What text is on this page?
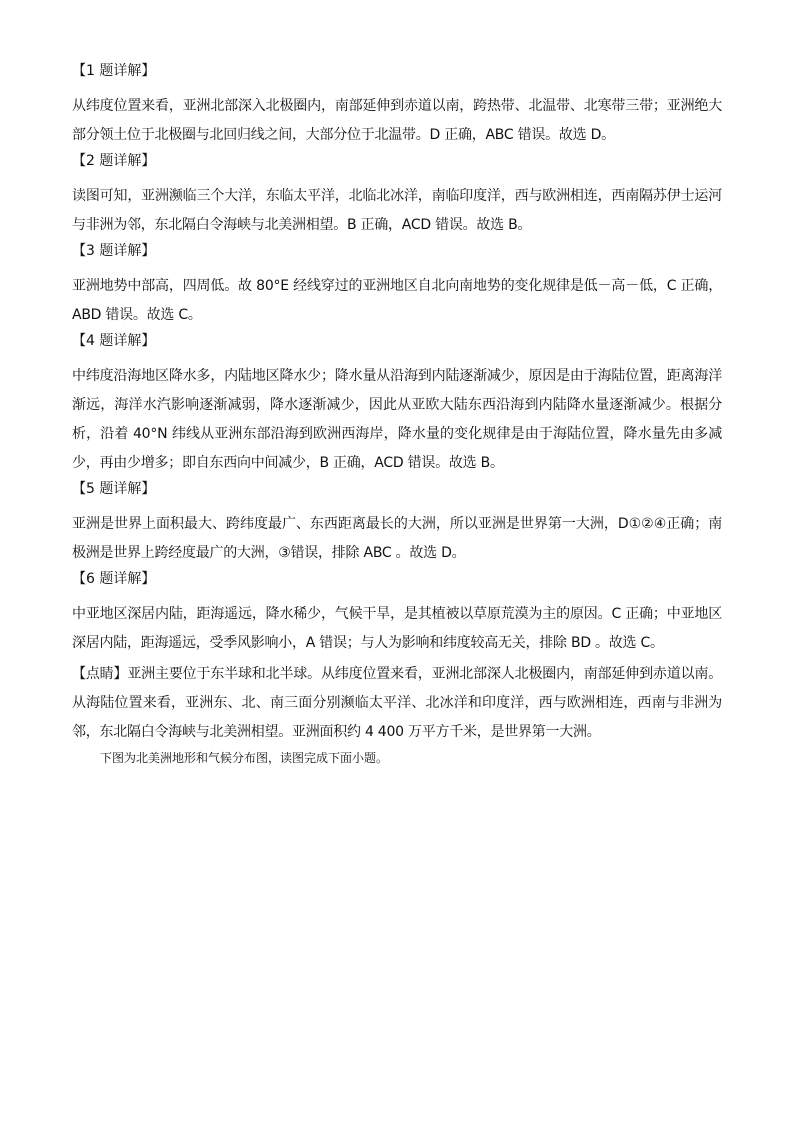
【1 题详解】

从纬度位置来看，亚洲北部深入北极圈内，南部延伸到赤道以南，跨热带、北温带、北寒带三带；亚洲绝大部分领土位于北极圈与北回归线之间，大部分位于北温带。D 正确，ABC 错误。故选 D。

【2 题详解】

读图可知，亚洲濒临三个大洋，东临太平洋，北临北冰洋，南临印度洋，西与欧洲相连，西南隔苏伊士运河与非洲为邻，东北隔白令海峡与北美洲相望。B 正确，ACD 错误。故选 B。

【3 题详解】

亚洲地势中部高，四周低。故 80°E 经线穿过的亚洲地区自北向南地势的变化规律是低－高－低，C 正确，ABD 错误。故选 C。

【4 题详解】

中纬度沿海地区降水多，内陆地区降水少；降水量从沿海到内陆逐渐减少，原因是由于海陆位置，距离海洋渐远，海洋水汽影响逐渐减弱，降水逐渐减少，因此从亚欧大陆东西沿海到内陆降水量逐渐减少。根据分析，沿着 40°N 纬线从亚洲东部沿海到欧洲西海岸，降水量的变化规律是由于海陆位置，降水量先由多减少，再由少增多；即自东西向中间减少，B 正确，ACD 错误。故选 B。

【5 题详解】

亚洲是世界上面积最大、跨纬度最广、东西距离最长的大洲，所以亚洲是世界第一大洲，D①②④正确；南极洲是世界上跨经度最广的大洲，③错误，排除 ABC 。故选 D。

【6 题详解】

中亚地区深居内陆，距海遥远，降水稀少，气候干旱，是其植被以草原荒漠为主的原因。C 正确；中亚地区深居内陆，距海遥远，受季风影响小，A 错误；与人为影响和纬度较高无关，排除 BD 。故选 C。

【点睛】亚洲主要位于东半球和北半球。从纬度位置来看，亚洲北部深人北极圈内，南部延伸到赤道以南。从海陆位置来看，亚洲东、北、南三面分别濒临太平洋、北冰洋和印度洋，西与欧洲相连，西南与非洲为邻，东北隔白令海峡与北美洲相望。亚洲面积约 4 400 万平方千米，是世界第一大洲。

下图为北美洲地形和气候分布图，读图完成下面小题。
